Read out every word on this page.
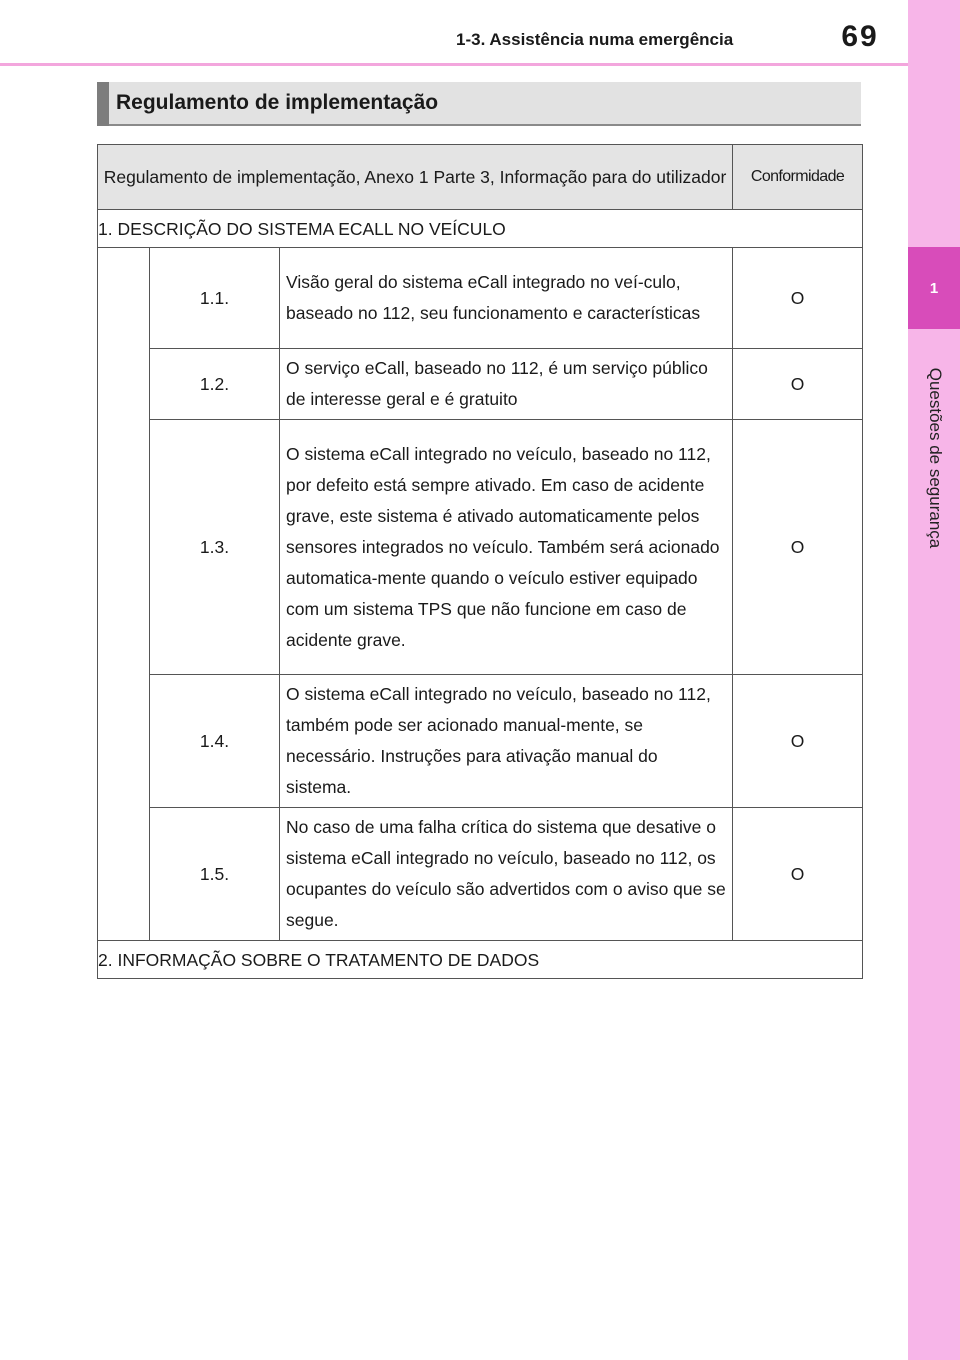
1-3. Assistência numa emergência	69
1
Questões de segurança
Regulamento de implementação
Regulamento de implementação, Anexo 1 Parte 3, Informação para do utilizador			Conformidade
1. DESCRIÇÃO DO SISTEMA ECALL NO VEÍCULO			
	1.1.	Visão geral do sistema eCall integrado no veí-culo, baseado no 112, seu funcionamento e características	O
	1.2.	O serviço eCall, baseado no 112, é um serviço público de interesse geral e é gratuito	O
	1.3.	O sistema eCall integrado no veículo, baseado no 112, por defeito está sempre ativado. Em caso de acidente grave, este sistema é ativado automaticamente pelos sensores integrados no veículo. Também será acionado automatica-mente quando o veículo estiver equipado com um sistema TPS que não funcione em caso de acidente grave.	O
	1.4.	O sistema eCall integrado no veículo, baseado no 112, também pode ser acionado manual-mente, se necessário. Instruções para ativação manual do sistema.	O
	1.5.	No caso de uma falha crítica do sistema que desative o sistema eCall integrado no veículo, baseado no 112, os ocupantes do veículo são advertidos com o aviso que se segue.	O
2. INFORMAÇÃO SOBRE O TRATAMENTO DE DADOS			
